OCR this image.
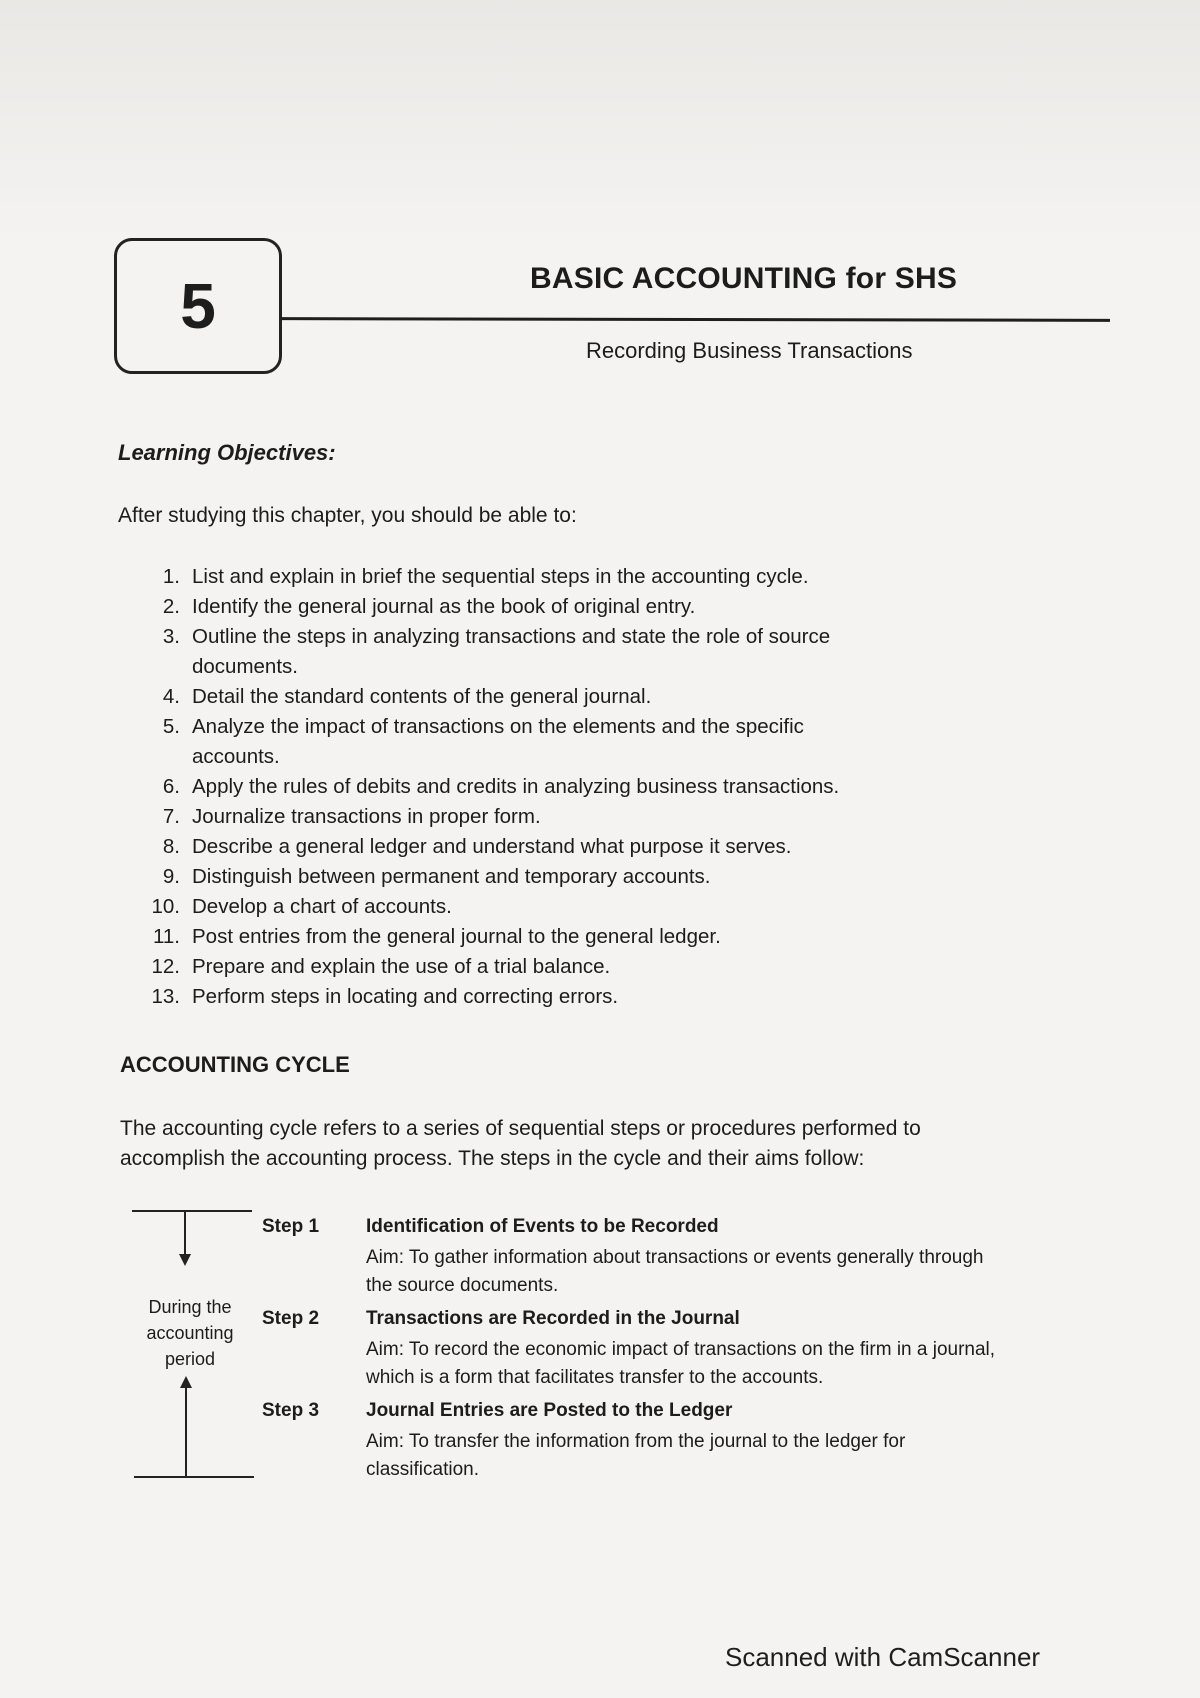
5	BASIC ACCOUNTING for SHS
Recording Business Transactions
Learning Objectives:
After studying this chapter, you should be able to:
1. List and explain in brief the sequential steps in the accounting cycle.
2. Identify the general journal as the book of original entry.
3. Outline the steps in analyzing transactions and state the role of source documents.
4. Detail the standard contents of the general journal.
5. Analyze the impact of transactions on the elements and the specific accounts.
6. Apply the rules of debits and credits in analyzing business transactions.
7. Journalize transactions in proper form.
8. Describe a general ledger and understand what purpose it serves.
9. Distinguish between permanent and temporary accounts.
10. Develop a chart of accounts.
11. Post entries from the general journal to the general ledger.
12. Prepare and explain the use of a trial balance.
13. Perform steps in locating and correcting errors.
ACCOUNTING CYCLE
The accounting cycle refers to a series of sequential steps or procedures performed to accomplish the accounting process. The steps in the cycle and their aims follow:
During the
accounting
period
Step 1 Identification of Events to be Recorded
Aim: To gather information about transactions or events generally through the source documents.
Step 2 Transactions are Recorded in the Journal
Aim: To record the economic impact of transactions on the firm in a journal, which is a form that facilitates transfer to the accounts.
Step 3 Journal Entries are Posted to the Ledger
Aim: To transfer the information from the journal to the ledger for classification.
Scanned with CamScanner
